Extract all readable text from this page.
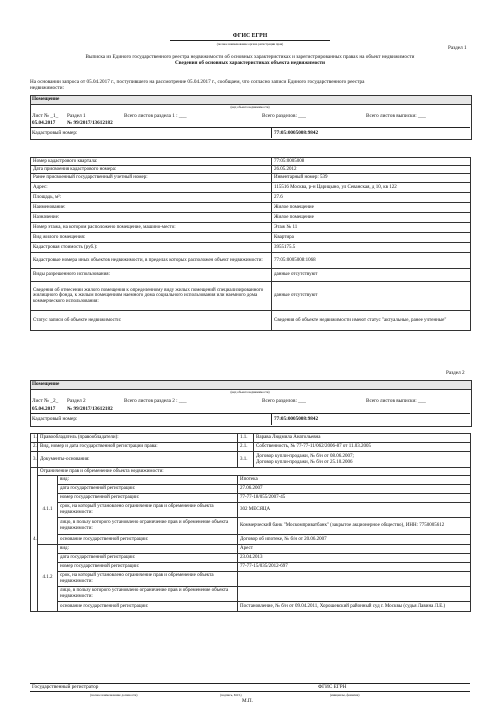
ФГИС ЕГРН
(полное наименование органа регистрации прав)
Раздел 1
Выписка из Единого государственного реестра недвижимости об основных характеристиках и зарегистрированных правах на объект недвижимости
Сведения об основных характеристиках объекта недвижимости
На основании запроса от 05.04.2017 г., поступившего на рассмотрение 05.04.2017 г., сообщаем, что согласно записи Единого государственного реестра
недвижимости:
Помещение
(вид объекта недвижимости)
Лист № _1_ Раздел 1	Всего листов раздела 1 : ___	Всего разделов: ___	Всего листов выписки: ___
05.04.2017 № 99/2017/13612182
Кадастровый номер:	77:05:0005008:9842
Номер кадастрового квартала:	77:05:0005008
Дата присвоения кадастрового номера:	26.05.2012
Ранее присвоенный государственный учетный номер:	Инвентарный номер: 539
Адрес:	115516 Москва, р-н Царицыно, ул Севанская, д 10, кв 122
Площадь, м²:	27.6
Наименование:	Жилое помещение
Назначение:	Жилое помещение
Номер этажа, на котором расположено помещение, машино-место:	Этаж № 11
Вид жилого помещения:	Квартира
Кадастровая стоимость (руб.):	3955175.5
Кадастровые номера иных объектов недвижимости, в пределах которых расположен объект недвижимости:	77:05:0005008:1068
Виды разрешенного использования:	данные отсутствуют
Сведения об отнесении жилого помещения к определенному виду жилых помещений специализированного жилищного фонда, к жилым помещениям наемного дома социального использования или наемного дома коммерческого использования:	данные отсутствуют
Статус записи об объекте недвижимости:	Сведения об объекте недвижимости имеют статус "актуальные, ранее учтенные"
Раздел 2
Помещение
(вид объекта недвижимости)
Лист № _2_ Раздел 2	Всего листов раздела 2 : ___	Всего разделов: ___	Всего листов выписки: ___
05.04.2017 № 99/2017/13612182
Кадастровый номер:	77:05:0005008:9842
1.	Правообладатель (правообладатели):		1.1.	Варава Людмила Анатольевна
2.	Вид, номер и дата государственной регистрации права:		2.1.	Собственность, № 77-77-11/062/2006-87 от 11.03.2005
3.	Документы-основания:		3.1.	Договор купли-продажи, № б/н от 08.06.2007;
Договор купли-продажи, № б/н от 25.10.2006

4.	Ограничение прав и обременение объекта недвижимости:			
	4.1.1	вид:	Ипотека	
		дата государственной регистрации:	27.06.2007	
		номер государственной регистрации:	77-77-18/055/2007-45	
		срок, на который установлено ограничение прав и обременение объекта недвижимости:	302 МЕСЯЦА	
		лицо, в пользу которого установлено ограничение прав и обременение объекта недвижимости:	Коммерческий банк "Москомприватбанк" (закрытое акционерное общество), ИНН: 7750005612	
		основание государственной регистрации:	Договор об ипотеке, № б/н от 20.06.2007	
	4.1.2	вид:	Арест	
		дата государственной регистрации:	23.04.2013	
		номер государственной регистрации:	77-77-15/035/2012-697	
		срок, на который установлено ограничение прав и обременение объекта недвижимости:		
		лицо, в пользу которого установлено ограничение прав и обременение объекта недвижимости:		
		основание государственной регистрации:	Постановление, № б/н от 09.04.2011, Хорошевский районный суд г. Москвы (судья Лавина Л.Е.)	
Государственный регистратор	ФГИС ЕГРН
(полное наименование должности)	(подпись, М.П.)	(инициалы, фамилия)
М.П.
